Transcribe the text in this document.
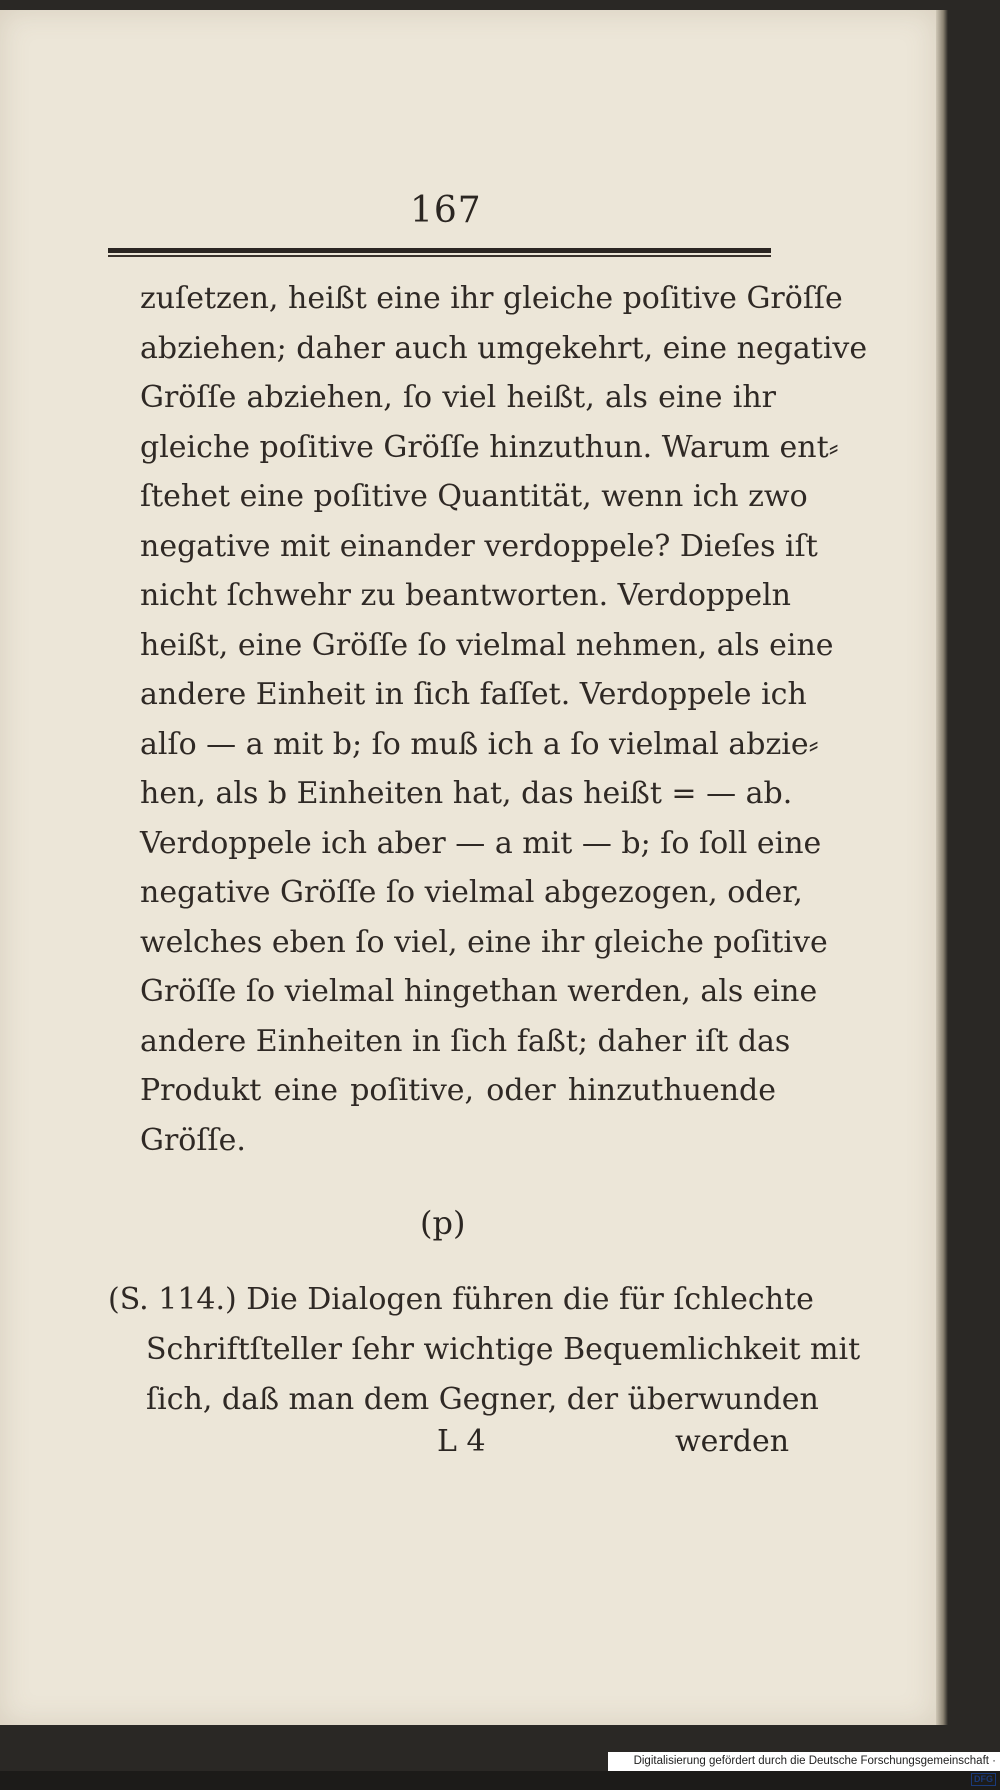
167
zuſetzen, heißt eine ihr gleiche poſitive Gröſſe
abziehen; daher auch umgekehrt, eine negative
Gröſſe abziehen, ſo viel heißt, als eine ihr
gleiche poſitive Gröſſe hinzuthun. Warum ent⸗
ſtehet eine poſitive Quantität, wenn ich zwo
negative mit einander verdoppele? Dieſes iſt
nicht ſchwehr zu beantworten. Verdoppeln
heißt, eine Gröſſe ſo vielmal nehmen, als eine
andere Einheit in ſich faſſet. Verdoppele ich
alſo — a mit b; ſo muß ich a ſo vielmal abzie⸗
hen, als b Einheiten hat, das heißt = — ab.
Verdoppele ich aber — a mit — b; ſo ſoll eine
negative Gröſſe ſo vielmal abgezogen, oder,
welches eben ſo viel, eine ihr gleiche poſitive
Gröſſe ſo vielmal hingethan werden, als eine
andere Einheiten in ſich faßt; daher iſt das
Produkt eine poſitive, oder hinzuthuende
Gröſſe.
(p)
(S. 114.) Die Dialogen führen die für ſchlechte
Schriftſteller ſehr wichtige Bequemlichkeit mit
ſich, daß man dem Gegner, der überwunden
L 4	werden
Digitalisierung gefördert durch die Deutsche Forschungsgemeinschaft ·DFG
